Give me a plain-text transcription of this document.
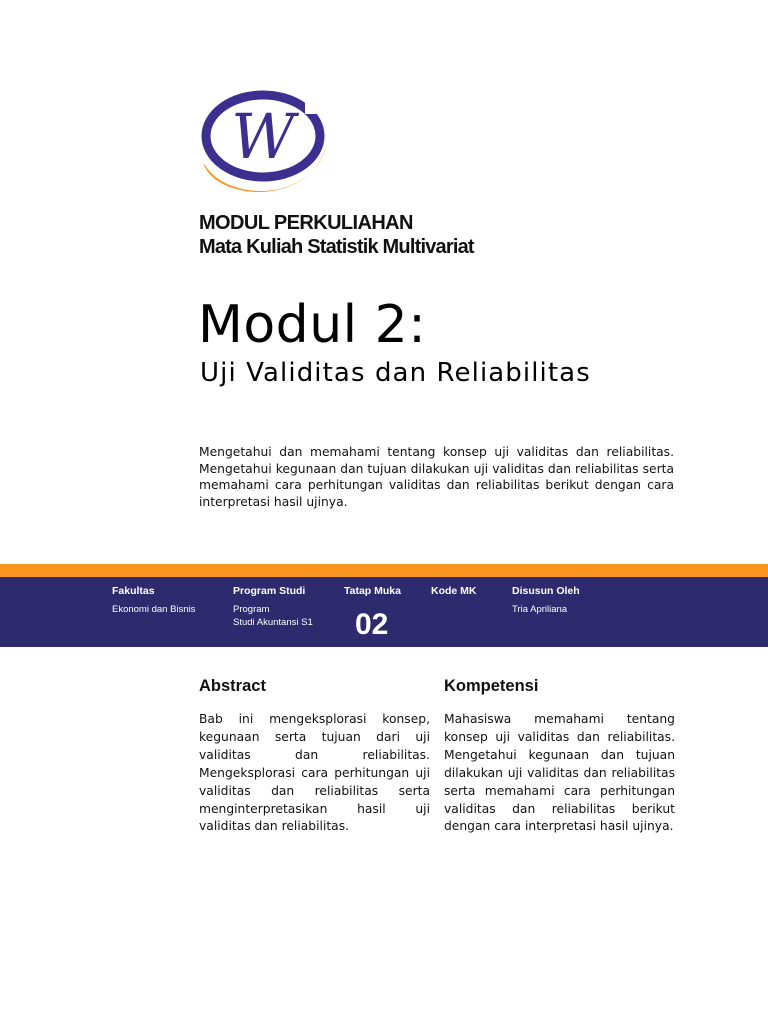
W
MODUL PERKULIAHAN
Mata Kuliah Statistik Multivariat
Modul 2:
Uji Validitas dan Reliabilitas

Mengetahui dan memahami tentang konsep uji validitas dan reliabilitas. Mengetahui kegunaan dan tujuan dilakukan uji validitas dan reliabilitas serta memahami cara perhitungan validitas dan reliabilitas berikut dengan cara interpretasi hasil ujinya.

Fakultas
Ekonomi dan Bisnis
Program Studi
Program
Studi Akuntansi S1
Tatap Muka
02
Kode MK	Disusun Oleh
Tria Apriliana
Abstract

Bab ini mengeksplorasi konsep, kegunaan serta tujuan dari uji validitas dan reliabilitas. Mengeksplorasi cara perhitungan uji validitas dan reliabilitas serta menginterpretasikan hasil uji validitas dan reliabilitas.

Kompetensi

Mahasiswa memahami tentang konsep uji validitas dan reliabilitas. Mengetahui kegunaan dan tujuan dilakukan uji validitas dan reliabilitas serta memahami cara perhitungan validitas dan reliabilitas berikut dengan cara interpretasi hasil ujinya.
